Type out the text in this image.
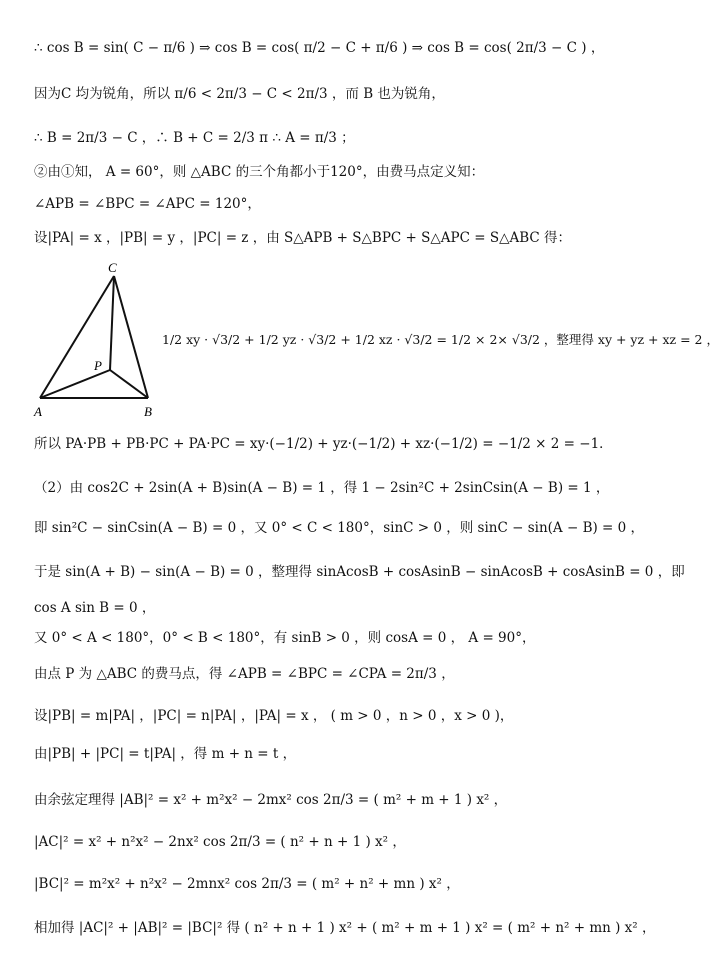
∴ cos B = sin( C − π/6 ) ⇒ cos B = cos( π/2 − C + π/6 ) ⇒ cos B = cos( 2π/3 − C ) ，
因为C 均为锐角，所以 π/6 < 2π/3 − C < 2π/3 ，而 B 也为锐角，
∴ B = 2π/3 − C ，∴ B + C = 2/3 π ∴ A = π/3 ；
②由①知， A = 60°，则 △ABC 的三个角都小于120°，由费马点定义知：
∠APB = ∠BPC = ∠APC = 120°，
设|PA| = x ，|PB| = y ，|PC| = z ，由 S△APB + S△BPC + S△APC = S△ABC 得：
C
P
A	B
1/2 xy · √3/2 + 1/2 yz · √3/2 + 1/2 xz · √3/2 = 1/2 × 2× √3/2 ，整理得 xy + yz + xz = 2 ，
所以 PA·PB + PB·PC + PA·PC = xy·(−1/2) + yz·(−1/2) + xz·(−1/2) = −1/2 × 2 = −1．
（2）由 cos2C + 2sin(A + B)sin(A − B) = 1 ，得 1 − 2sin²C + 2sinCsin(A − B) = 1 ，
即 sin²C − sinCsin(A − B) = 0 ，又 0° < C < 180°，sinC > 0 ，则 sinC − sin(A − B) = 0 ，
于是 sin(A + B) − sin(A − B) = 0 ，整理得 sinAcosB + cosAsinB − sinAcosB + cosAsinB = 0 ，即
cos A sin B = 0 ，
又 0° < A < 180°，0° < B < 180°，有 sinB > 0 ，则 cosA = 0 ， A = 90°，
由点 P 为 △ABC 的费马点，得 ∠APB = ∠BPC = ∠CPA = 2π/3 ，
设|PB| = m|PA| ，|PC| = n|PA| ，|PA| = x ， ( m > 0 ，n > 0 ，x > 0 )，
由|PB| + |PC| = t|PA| ，得 m + n = t ，
由余弦定理得 |AB|² = x² + m²x² − 2mx² cos 2π/3 = ( m² + m + 1 ) x² ，
|AC|² = x² + n²x² − 2nx² cos 2π/3 = ( n² + n + 1 ) x² ，
|BC|² = m²x² + n²x² − 2mnx² cos 2π/3 = ( m² + n² + mn ) x² ，
相加得 |AC|² + |AB|² = |BC|² 得 ( n² + n + 1 ) x² + ( m² + m + 1 ) x² = ( m² + n² + mn ) x² ，
